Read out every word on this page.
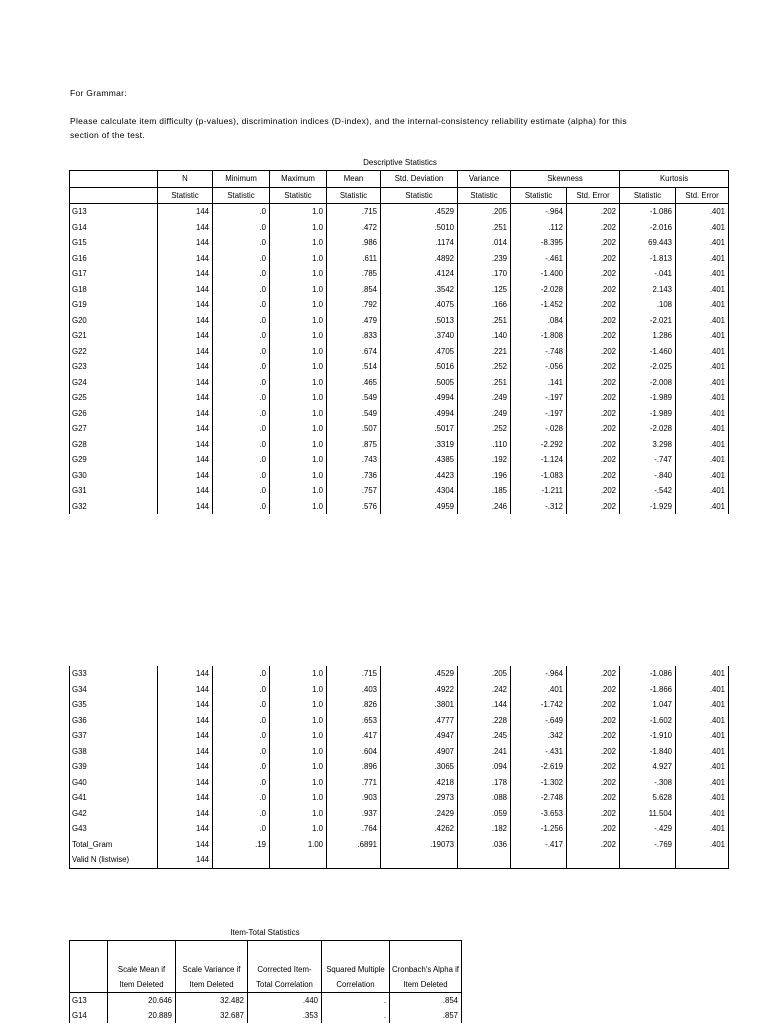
For Grammar:

Please calculate item difficulty (p-values), discrimination indices (D-index), and the internal-consistency reliability estimate (alpha) for this
section of the test.

Descriptive Statistics
	N	Minimum	Maximum	Mean	Std. Deviation	Variance	Skewness		Kurtosis	
	Statistic	Statistic	Statistic	Statistic	Statistic	Statistic	Statistic	Std. Error	Statistic	Std. Error
G13	144	.0	1.0	.715	.4529	.205	-.964	.202	-1.086	.401
G14	144	.0	1.0	.472	.5010	.251	.112	.202	-2.016	.401
G15	144	.0	1.0	.986	.1174	.014	-8.395	.202	69.443	.401
G16	144	.0	1.0	.611	.4892	.239	-.461	.202	-1.813	.401
G17	144	.0	1.0	.785	.4124	.170	-1.400	.202	-.041	.401
G18	144	.0	1.0	.854	.3542	.125	-2.028	.202	2.143	.401
G19	144	.0	1.0	.792	.4075	.166	-1.452	.202	.108	.401
G20	144	.0	1.0	.479	.5013	.251	.084	.202	-2.021	.401
G21	144	.0	1.0	.833	.3740	.140	-1.808	.202	1.286	.401
G22	144	.0	1.0	.674	.4705	.221	-.748	.202	-1.460	.401
G23	144	.0	1.0	.514	.5016	.252	-.056	.202	-2.025	.401
G24	144	.0	1.0	.465	.5005	.251	.141	.202	-2.008	.401
G25	144	.0	1.0	.549	.4994	.249	-.197	.202	-1.989	.401
G26	144	.0	1.0	.549	.4994	.249	-.197	.202	-1.989	.401
G27	144	.0	1.0	.507	.5017	.252	-.028	.202	-2.028	.401
G28	144	.0	1.0	.875	.3319	.110	-2.292	.202	3.298	.401
G29	144	.0	1.0	.743	.4385	.192	-1.124	.202	-.747	.401
G30	144	.0	1.0	.736	.4423	.196	-1.083	.202	-.840	.401
G31	144	.0	1.0	.757	.4304	.185	-1.211	.202	-.542	.401
G32	144	.0	1.0	.576	.4959	.246	-.312	.202	-1.929	.401
G33	144	.0	1.0	.715	.4529	.205	-.964	.202	-1.086	.401
G34	144	.0	1.0	.403	.4922	.242	.401	.202	-1.866	.401
G35	144	.0	1.0	.826	.3801	.144	-1.742	.202	1.047	.401
G36	144	.0	1.0	.653	.4777	.228	-.649	.202	-1.602	.401
G37	144	.0	1.0	.417	.4947	.245	.342	.202	-1.910	.401
G38	144	.0	1.0	.604	.4907	.241	-.431	.202	-1.840	.401
G39	144	.0	1.0	.896	.3065	.094	-2.619	.202	4.927	.401
G40	144	.0	1.0	.771	.4218	.178	-1.302	.202	-.308	.401
G41	144	.0	1.0	.903	.2973	.088	-2.748	.202	5.628	.401
G42	144	.0	1.0	.937	.2429	.059	-3.653	.202	11.504	.401
G43	144	.0	1.0	.764	.4262	.182	-1.256	.202	-.429	.401
Total_Gram	144	.19	1.00	.6891	.19073	.036	-.417	.202	-.769	.401
Valid N (listwise)	144									
Item-Total Statistics
	Scale Mean if Item Deleted	Scale Variance if Item Deleted	Corrected Item-Total Correlation	Squared Multiple Correlation	Cronbach's Alpha if Item Deleted
G13	20.646	32.482	.440	.	.854
G14	20.889	32.687	.353	.	.857
